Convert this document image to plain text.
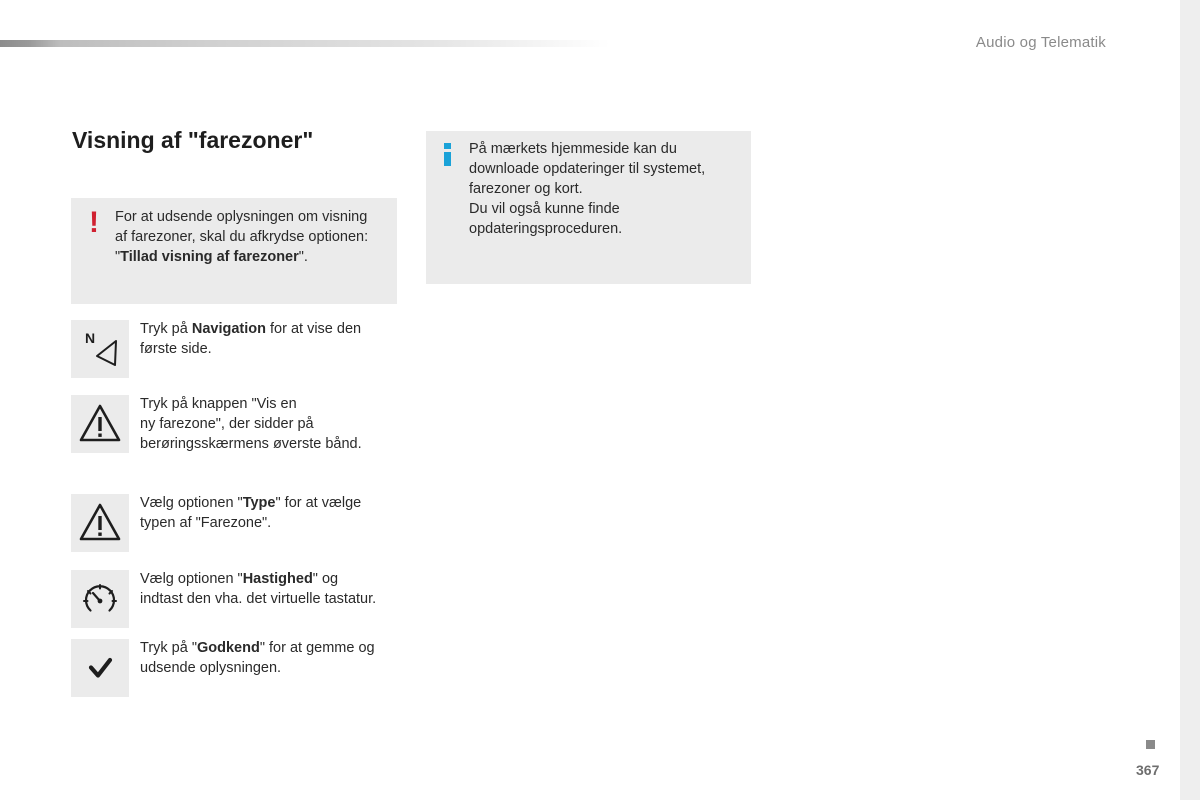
Audio og Telematik
Visning af "farezoner"
! For at udsende oplysningen om visning
af farezoner, skal du afkrydse optionen:
"Tillad visning af farezoner".
På mærkets hjemmeside kan du
downloade opdateringer til systemet,
farezoner og kort.
Du vil også kunne finde
opdateringsproceduren.
N
Tryk på Navigation for at vise den
første side.
Tryk på knappen "Vis en
ny farezone", der sidder på
berøringsskærmens øverste bånd.
Vælg optionen "Type" for at vælge
typen af "Farezone".
Vælg optionen "Hastighed" og
indtast den vha. det virtuelle tastatur.
Tryk på "Godkend" for at gemme og
udsende oplysningen.
367
